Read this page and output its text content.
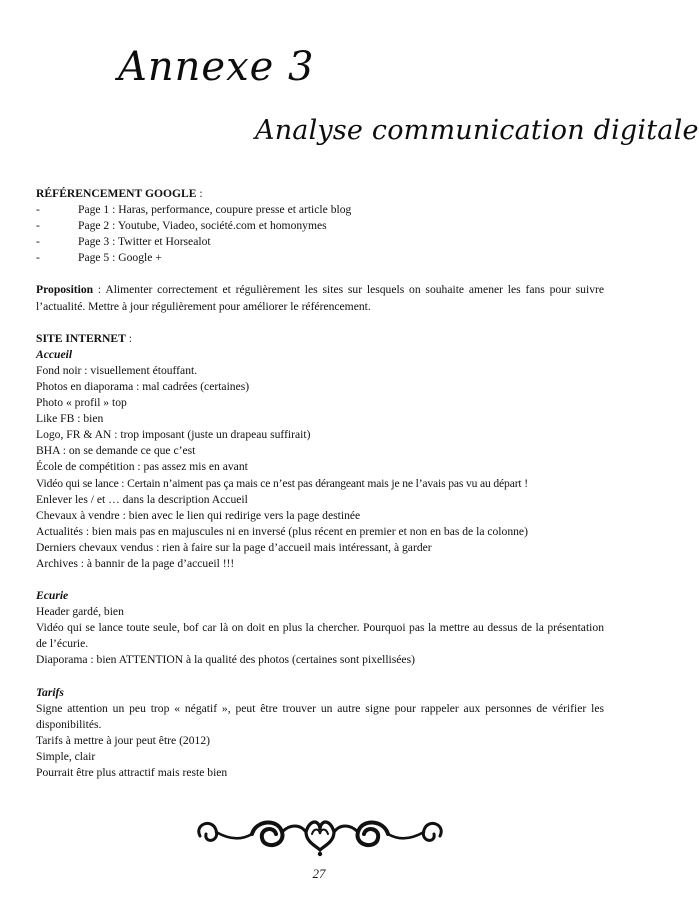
Annexe 3
Analyse communication digitale

RÉFÉRENCEMENT GOOGLE :

-	Page 1 : Haras, performance, coupure presse et article blog
-	Page 2 : Youtube, Viadeo, société.com et homonymes
-	Page 3 : Twitter et Horsealot
-	Page 5 : Google +

Proposition : Alimenter correctement et régulièrement les sites sur lesquels on souhaite amener les fans pour suivre l’actualité. Mettre à jour régulièrement pour améliorer le référencement.

SITE INTERNET :

Accueil

Fond noir : visuellement étouffant.

Photos en diaporama : mal cadrées (certaines)

Photo « profil » top

Like FB : bien

Logo, FR & AN : trop imposant (juste un drapeau suffirait)

BHA : on se demande ce que c’est

École de compétition : pas assez mis en avant

Vidéo qui se lance : Certain n’aiment pas ça mais ce n’est pas dérangeant mais je ne l’avais pas vu au départ !

Enlever les / et … dans la description Accueil

Chevaux à vendre : bien avec le lien qui redirige vers la page destinée

Actualités : bien mais pas en majuscules ni en inversé (plus récent en premier et non en bas de la colonne)

Derniers chevaux vendus : rien à faire sur la page d’accueil mais intéressant, à garder

Archives : à bannir de la page d’accueil !!!

Ecurie

Header gardé, bien

Vidéo qui se lance toute seule, bof car là on doit en plus la chercher. Pourquoi pas la mettre au dessus de la présentation de l’écurie.

Diaporama : bien ATTENTION à la qualité des photos (certaines sont pixellisées)

Tarifs

Signe attention un peu trop « négatif », peut être trouver un autre signe pour rappeler aux personnes de vérifier les disponibilités.

Tarifs à mettre à jour peut être (2012)

Simple, clair

Pourrait être plus attractif mais reste bien

27
